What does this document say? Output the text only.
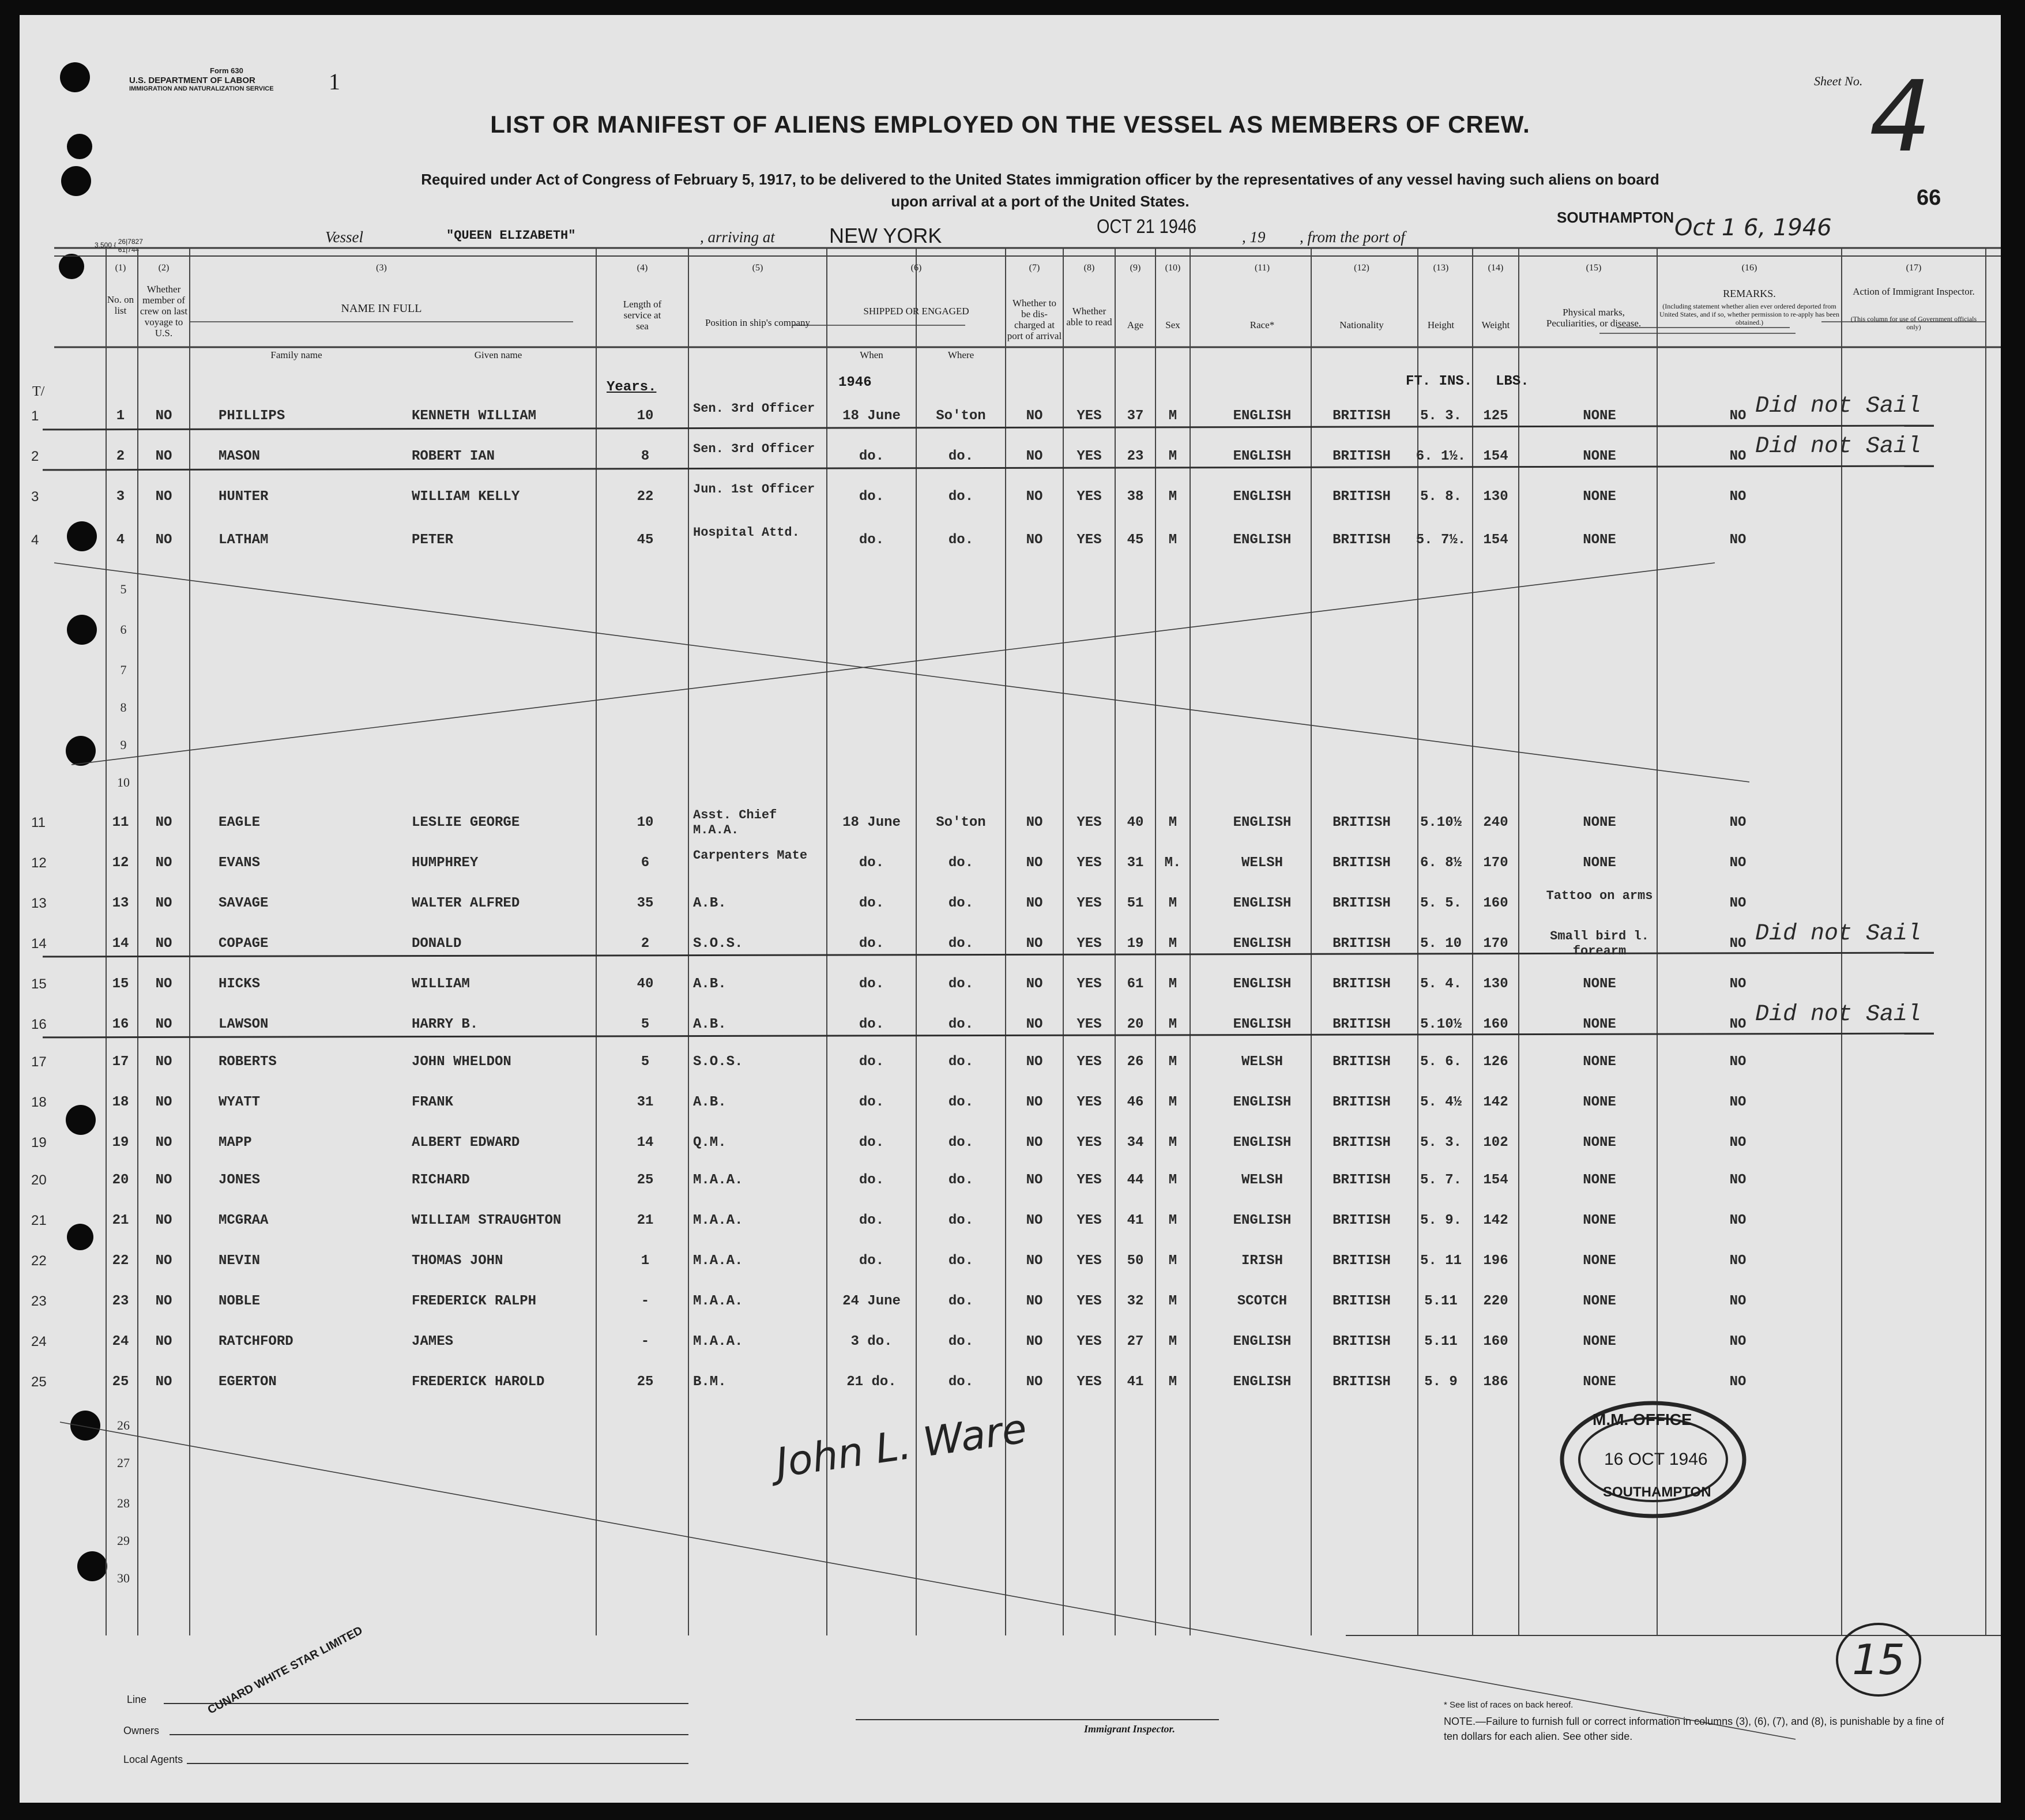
Form 630
U.S. DEPARTMENT OF LABOR
IMMIGRATION AND NATURALIZATION SERVICE	1
3,500 { 26|7827
61|744
LIST OR MANIFEST OF ALIENS EMPLOYED ON THE VESSEL AS MEMBERS OF CREW.
Required under Act of Congress of February 5, 1917, to be delivered to the United States immigration officer by the representatives of any vessel having such aliens on board
upon arrival at a port of the United States.
Sheet No. 4
66
Vessel	"QUEEN ELIZABETH"	, arriving at	NEW YORK	OCT 21 1946	, 19 , from the port of
SOUTHAMPTON Oct 1 6, 1946
(1)
No. on list
(2)
Whether member of crew on last voyage to U.S.
(3)
NAME IN FULL
Family name	Given name
(4)
Length of service at sea
(5)
Position in ship's company
(6)
SHIPPED OR ENGAGED
When	Where
(7)
Whether to be dis-charged at port of arrival
(8)
Whether able to read
(9)
Age
(10)
Sex
(11)
Race*
(12)
Nationality
(13)
Height
(14)
Weight
(15)
Physical marks, Peculiarities, or disease.
(16)
REMARKS.
(Including statement whether alien ever ordered deported from United States, and if so, whether permission to re-apply has been obtained.)
(17)
Action of Immigrant Inspector.
(This column for use of Government officials only)
T/	Years.	1946	FT. INS. LBS.
1	1	NO	PHILLIPS	KENNETH WILLIAM	10	Sen. 3rd Officer	18 June	So'ton	NO	YES	37	M	ENGLISH	BRITISH	5. 3.	125	NONE	NO Did not Sail
2	2	NO	MASON	ROBERT IAN	8	Sen. 3rd Officer	do.	do.	NO	YES	23	M	ENGLISH	BRITISH	6. 1½.	154	NONE	NO Did not Sail
3	3	NO	HUNTER	WILLIAM KELLY	22	Jun. 1st Officer	do.	do.	NO	YES	38	M	ENGLISH	BRITISH	5. 8.	130	NONE	NO
4	4	NO	LATHAM	PETER	45	Hospital Attd.	do.	do.	NO	YES	45	M	ENGLISH	BRITISH	5. 7½.	154	NONE	NO
5
6
7
8
9
10
11	11	NO	EAGLE	LESLIE GEORGE	10	Asst. Chief M.A.A.	18 June	So'ton	NO	YES	40	M	ENGLISH	BRITISH	5.10½	240	NONE	NO
12	12	NO	EVANS	HUMPHREY	6	Carpenters Mate	do.	do.	NO	YES	31	M.	WELSH	BRITISH	6. 8½	170	NONE	NO
13	13	NO	SAVAGE	WALTER ALFRED	35	A.B.	do.	do.	NO	YES	51	M	ENGLISH	BRITISH	5. 5.	160	Tattoo on arms	NO
14	14	NO	COPAGE	DONALD	2	S.O.S.	do.	do.	NO	YES	19	M	ENGLISH	BRITISH	5. 10	170	Small bird l. forearm	NO Did not Sail
15	15	NO	HICKS	WILLIAM	40	A.B.	do.	do.	NO	YES	61	M	ENGLISH	BRITISH	5. 4.	130	NONE	NO
16	16	NO	LAWSON	HARRY B.	5	A.B.	do.	do.	NO	YES	20	M	ENGLISH	BRITISH	5.10½	160	NONE	NO Did not Sail
17	17	NO	ROBERTS	JOHN WHELDON	5	S.O.S.	do.	do.	NO	YES	26	M	WELSH	BRITISH	5. 6.	126	NONE	NO
18	18	NO	WYATT	FRANK	31	A.B.	do.	do.	NO	YES	46	M	ENGLISH	BRITISH	5. 4½	142	NONE	NO
19	19	NO	MAPP	ALBERT EDWARD	14	Q.M.	do.	do.	NO	YES	34	M	ENGLISH	BRITISH	5. 3.	102	NONE	NO
20	20	NO	JONES	RICHARD	25	M.A.A.	do.	do.	NO	YES	44	M	WELSH	BRITISH	5. 7.	154	NONE	NO
21	21	NO	MCGRAA	WILLIAM STRAUGHTON	21	M.A.A.	do.	do.	NO	YES	41	M	ENGLISH	BRITISH	5. 9.	142	NONE	NO
22	22	NO	NEVIN	THOMAS JOHN	1	M.A.A.	do.	do.	NO	YES	50	M	IRISH	BRITISH	5. 11	196	NONE	NO
23	23	NO	NOBLE	FREDERICK RALPH	-	M.A.A.	24 June	do.	NO	YES	32	M	SCOTCH	BRITISH	5.11	220	NONE	NO
24	24	NO	RATCHFORD	JAMES	-	M.A.A.	3 do.	do.	NO	YES	27	M	ENGLISH	BRITISH	5.11	160	NONE	NO
25	25	NO	EGERTON	FREDERICK HAROLD	25	B.M.	21 do.	do.	NO	YES	41	M	ENGLISH	BRITISH	5. 9	186	NONE	NO
26
27
28
29
30
M.M. OFFICE
16 OCT 1946
SOUTHAMPTON
John L. Ware
15
Line
Owners
Local Agents
CUNARD WHITE STAR LIMITED
Immigrant Inspector.
* See list of races on back hereof.
NOTE.—Failure to furnish full or correct information in columns (3), (6), (7), and (8), is punishable by a fine of ten dollars for each alien. See other side.
